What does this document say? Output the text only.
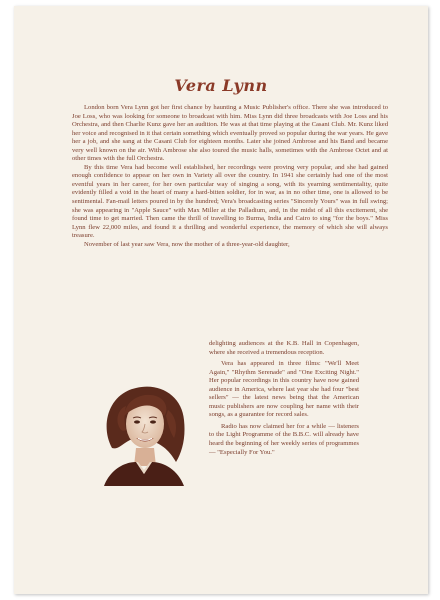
Vera Lynn

London born Vera Lynn got her first chance by haunting a Music Publisher's office. There she was introduced to Joe Loss, who was looking for someone to broadcast with him. Miss Lynn did three broadcasts with Joe Loss and his Orchestra, and then Charlie Kunz gave her an audition. He was at that time playing at the Casani Club. Mr. Kunz liked her voice and recognised in it that certain something which eventually proved so popular during the war years. He gave her a job, and she sang at the Casani Club for eighteen months. Later she joined Ambrose and his Band and became very well known on the air. With Ambrose she also toured the music halls, sometimes with the Ambrose Octet and at other times with the full Orchestra.

By this time Vera had become well established, her recordings were proving very popular, and she had gained enough confidence to appear on her own in Variety all over the country. In 1941 she certainly had one of the most eventful years in her career, for her own particular way of singing a song, with its yearning sentimentality, quite evidently filled a void in the heart of many a hard-bitten soldier, for in war, as in no other time, one is allowed to be sentimental. Fan-mail letters poured in by the hundred; Vera's broadcasting series "Sincerely Yours" was in full swing; she was appearing in "Apple Sauce" with Max Miller at the Palladium, and, in the midst of all this excitement, she found time to get married. Then came the thrill of travelling to Burma, India and Cairo to sing "for the boys." Miss Lynn flew 22,000 miles, and found it a thrilling and wonderful experience, the memory of which she will always treasure.

November of last year saw Vera, now the mother of a three-year-old daughter,

delighting audiences at the K.B. Hall in Copenhagen, where she received a tremendous reception.

Vera has appeared in three films: "We'll Meet Again," "Rhythm Serenade" and "One Exciting Night." Her popular recordings in this country have now gained audience in America, where last year she had four "best sellers" — the latest news being that the American music publishers are now coupling her name with their songs, as a guarantee for record sales.

Radio has now claimed her for a while — listeners to the Light Programme of the B.B.C. will already have heard the beginning of her weekly series of programmes — "Especially For You."
